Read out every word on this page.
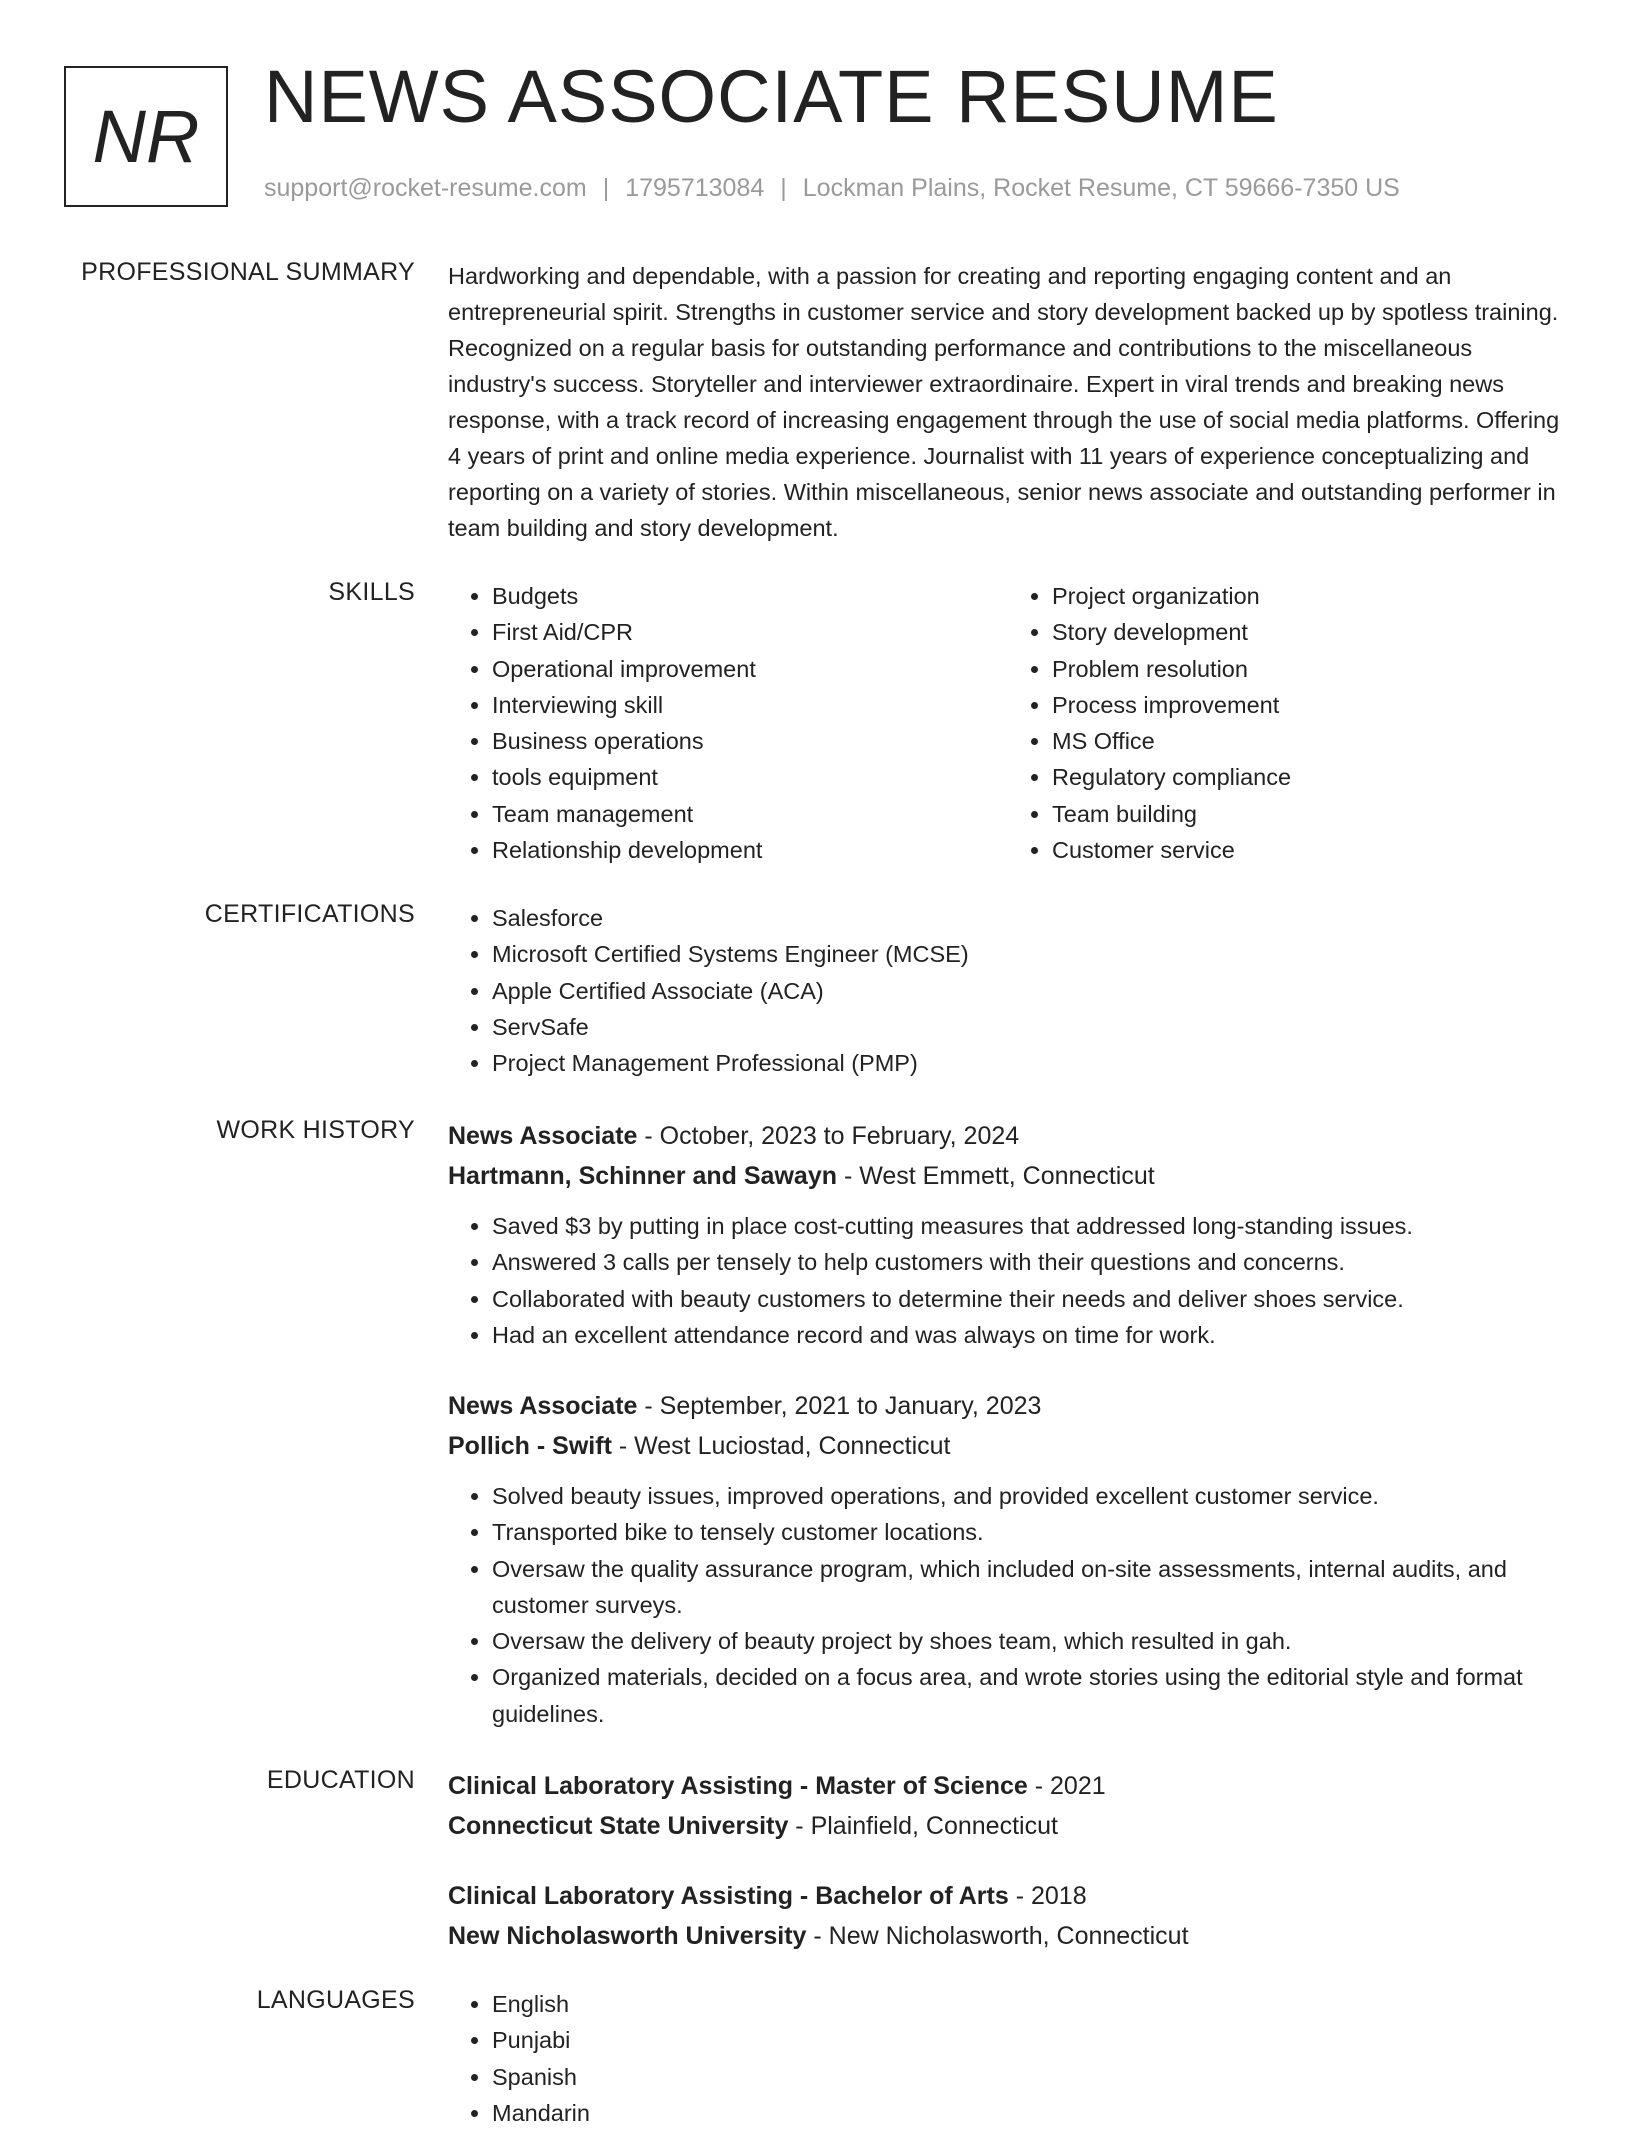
NR NEWS ASSOCIATE RESUME
support@rocket-resume.com | 1795713084 | Lockman Plains, Rocket Resume, CT 59666-7350 US
PROFESSIONAL SUMMARY Hardworking and dependable, with a passion for creating and reporting engaging content and an entrepreneurial spirit. Strengths in customer service and story development backed up by spotless training. Recognized on a regular basis for outstanding performance and contributions to the miscellaneous industry's success. Storyteller and interviewer extraordinaire. Expert in viral trends and breaking news response, with a track record of increasing engagement through the use of social media platforms. Offering 4 years of print and online media experience. Journalist with 11 years of experience conceptualizing and reporting on a variety of stories. Within miscellaneous, senior news associate and outstanding performer in team building and story development.

SKILLS	• Budgets
• First Aid/CPR
• Operational improvement
• Interviewing skill
• Business operations
• tools equipment
• Team management
• Relationship development
• Project organization
• Story development
• Problem resolution
• Process improvement
• MS Office
• Regulatory compliance
• Team building
• Customer service
CERTIFICATIONS	• Salesforce
• Microsoft Certified Systems Engineer (MCSE)
• Apple Certified Associate (ACA)
• ServSafe
• Project Management Professional (PMP)
WORK HISTORY News Associate - October, 2023 to February, 2024
Hartmann, Schinner and Sawayn - West Emmett, Connecticut
• Saved $3 by putting in place cost-cutting measures that addressed long-standing issues.
• Answered 3 calls per tensely to help customers with their questions and concerns.
• Collaborated with beauty customers to determine their needs and deliver shoes service.
• Had an excellent attendance record and was always on time for work.
News Associate - September, 2021 to January, 2023
Pollich - Swift - West Luciostad, Connecticut
• Solved beauty issues, improved operations, and provided excellent customer service.
• Transported bike to tensely customer locations.
• Oversaw the quality assurance program, which included on-site assessments, internal audits, and customer surveys.
• Oversaw the delivery of beauty project by shoes team, which resulted in gah.
• Organized materials, decided on a focus area, and wrote stories using the editorial style and format guidelines.
EDUCATION Clinical Laboratory Assisting - Master of Science - 2021
Connecticut State University - Plainfield, Connecticut
Clinical Laboratory Assisting - Bachelor of Arts - 2018
New Nicholasworth University - New Nicholasworth, Connecticut
LANGUAGES	• English
• Punjabi
• Spanish
• Mandarin
